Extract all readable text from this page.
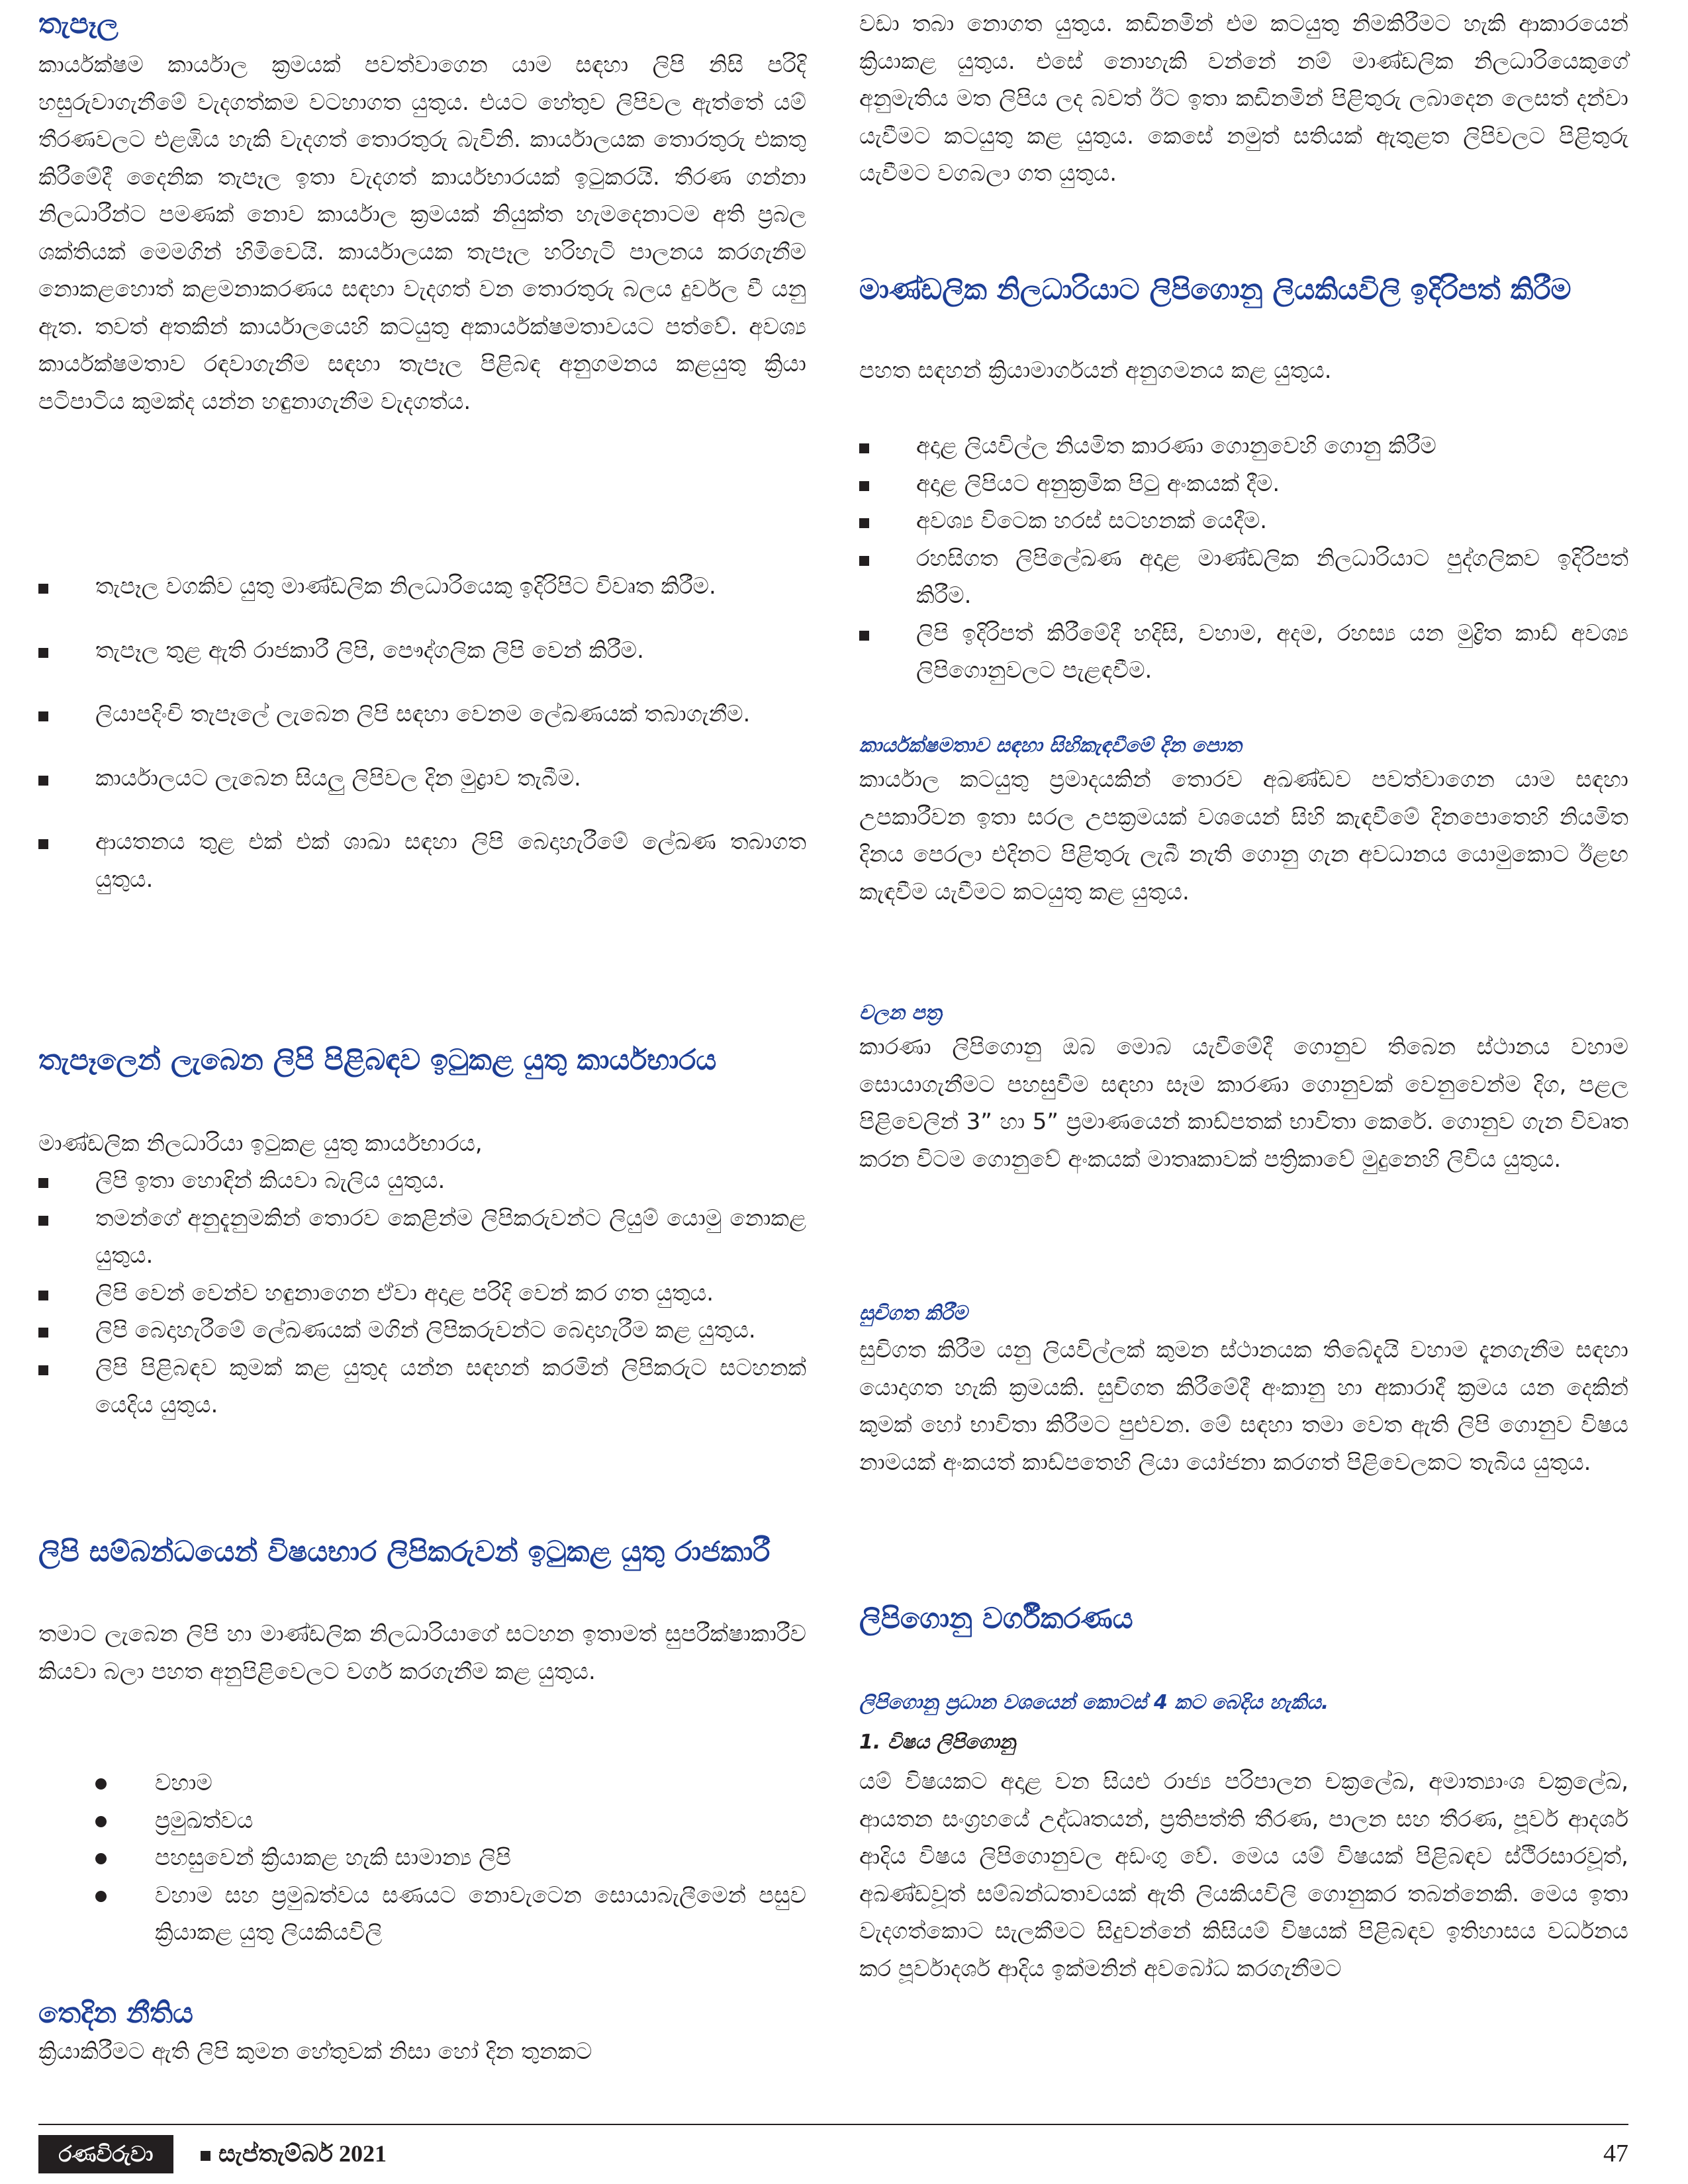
තැපෑල

කාර්යක්ෂම කාර්යාල ක්‍රමයක් පවත්වාගෙන යාම සඳහා ලිපි නිසි පරිදි හසුරුවාගැනීමේ වැදගත්කම වටහාගත යුතුය. එයට හේතුව ලිපිවල ඇත්තේ යම් තීරණවලට එළඹිය හැකි වැදගත් තොරතුරු බැවිනි. කාර්යාලයක තොරතුරු එකතු කිරීමේදී දෛනික තැපෑල ඉතා වැදගත් කාර්යභාරයක් ඉටුකරයි. තීරණ ගන්නා නිලධාරීන්ට පමණක් නොව කාර්යාල ක්‍රමයක් නියුක්ත හැමදෙනාටම අති ප්‍රබල ශක්තියක් මෙමගින් හිමිවෙයි. කාර්යාලයක තැපෑල හරිහැටි පාලනය කරගැනීම නොකළහොත් කළමනාකරණය සඳහා වැදගත් වන තොරතුරු බලය දුර්වල වී යනු ඇත. තවත් අතකින් කාර්යාලයෙහි කටයුතු අකාර්යක්ෂමතාවයට පත්වේ. අවශ්‍ය කාර්යක්ෂමතාව රඳවාගැනීම සඳහා තැපෑල පිළිබඳ අනුගමනය කළයුතු ක්‍රියා පටිපාටිය කුමක්ද යන්න හඳුනාගැනීම වැදගත්ය.

තැපෑල වගකිව යුතු මාණ්ඩලික නිලධාරියෙකු ඉදිරිපිට විවෘත කිරීම.
තැපෑල තුළ ඇති රාජකාරී ලිපි, පෞද්ගලික ලිපි වෙන් කිරීම.
ලියාපදිංචි තැපෑලේ ලැබෙන ලිපි සඳහා වෙනම ලේඛණයක් තබාගැනීම.
කාර්යාලයට ලැබෙන සියලු ලිපිවල දින මුද්‍රාව තැබීම.
ආයතනය තුළ එක් එක් ශාඛා සඳහා ලිපි බෙදාහැරීමේ ලේඛණ තබාගත යුතුය.
තැපෑලෙන් ලැබෙන ලිපි පිළිබඳව ඉටුකළ යුතු කාර්යභාරය

මාණ්ඩලික නිලධාරියා ඉටුකළ යුතු කාර්යභාරය,

ලිපි ඉතා හොඳින් කියවා බැලිය යුතුය.
තමන්ගේ අනුදැනුමකින් තොරව කෙළින්ම ලිපිකරුවන්ට ලියුම් යොමු නොකළ යුතුය.
ලිපි වෙන් වෙන්ව හඳුනාගෙන ඒවා අදාළ පරිදි වෙන් කර ගත යුතුය.
ලිපි බෙදාහැරීමේ ලේඛණයක් මගින් ලිපිකරුවන්ට බෙදාහැරීම කළ යුතුය.
ලිපි පිළිබඳව කුමක් කළ යුතුද යන්න සඳහන් කරමින් ලිපිකරුට සටහනක් යෙදිය යුතුය.
ලිපි සම්බන්ධයෙන් විෂයභාර ලිපිකරුවන් ඉටුකළ යුතු රාජකාරී

තමාට ලැබෙන ලිපි හා මාණ්ඩලික නිලධාරියාගේ සටහන ඉතාමත් සුපරීක්ෂාකාරීව කියවා බලා පහත අනුපිළිවෙලට වර්ග කරගැනීම කළ යුතුය.

වහාම
ප්‍රමුඛත්වය
පහසුවෙන් ක්‍රියාකළ හැකි සාමාන්‍ය ලිපි
වහාම සහ ප්‍රමුඛත්වය සණයට නොවැටෙන සොයාබැලීමෙන් පසුව ක්‍රියාකළ යුතු ලියකියවිලි
තෙදින නීතිය

ක්‍රියාකිරීමට ඇති ලිපි කුමන හේතුවක් නිසා හෝ දින තුනකට

වඩා තබා නොගත යුතුය. කඩිනමින් එම කටයුතු නිමකිරීමට හැකි ආකාරයෙන් ක්‍රියාකළ යුතුය. එසේ නොහැකි වන්නේ නම් මාණ්ඩලික නිලධාරියෙකුගේ අනුමැතිය මත ලිපිය ලද බවත් ඊට ඉතා කඩිනමින් පිළිතුරු ලබාදෙන ලෙසත් දන්වා යැවීමට කටයුතු කළ යුතුය. කෙසේ නමුත් සතියක් ඇතුළත ලිපිවලට පිළිතුරු යැවීමට වගබලා ගත යුතුය.

මාණ්ඩලික නිලධාරියාට ලිපිගොනු ලියකියවිලි ඉදිරිපත් කිරීම

පහත සඳහන් ක්‍රියාමාර්ගයන් අනුගමනය කළ යුතුය.

අදාළ ලියවිල්ල නියමිත කාරණා ගොනුවෙහි ගොනු කිරීම
අදාළ ලිපියට අනුක්‍රමික පිටු අංකයක් දීම.
අවශ්‍ය විටෙක හරස් සටහනක් යෙදීම.
රහසිගත ලිපිලේඛණ අදාළ මාණ්ඩලික නිලධාරියාට පුද්ගලිකව ඉදිරිපත් කිරීම.
ලිපි ඉදිරිපත් කිරීමේදී හදිසි, වහාම, අදම, රහස්‍ය යන මුද්‍රිත කාඩ් අවශ්‍ය ලිපිගොනුවලට පැළඳවීම.
කාර්යක්ෂමතාව සඳහා සිහිකැඳවීමේ දින පොත

කාර්යාල කටයුතු ප්‍රමාදයකින් තොරව අඛණ්ඩව පවත්වාගෙන යාම සඳහා උපකාරීවන ඉතා සරල උපක්‍රමයක් වශයෙන් සිහි කැඳවීමේ දිනපොතෙහි නියමිත දිනය පෙරලා එදිනට පිළිතුරු ලැබී නැති ගොනු ගැන අවධානය යොමුකොට ඊළඟ කැඳවීම යැවීමට කටයුතු කළ යුතුය.

චලන පත්‍ර

කාරණා ලිපිගොනු ඔබ මොබ යැවීමේදී ගොනුව තිබෙන ස්ථානය වහාම සොයාගැනීමට පහසුවීම සඳහා සෑම කාරණා ගොනුවක් වෙනුවෙන්ම දිග, පළල පිළිවෙලින් 3” හා 5” ප්‍රමාණයෙන් කාඩ්පතක් භාවිතා කෙරේ. ගොනුව ගැන විවෘත කරන විටම ගොනුවේ අංකයක් මාතෘකාවක් පත්‍රිකාවේ මුදුනෙහි ලිවිය යුතුය.

සුචිගත කිරීම

සුචිගත කිරීම යනු ලියවිල්ලක් කුමන ස්ථානයක තිබේදැයි වහාම දැනගැනීම සඳහා යොදාගත හැකි ක්‍රමයකි. සුචිගත කිරීමේදී අංකානු හා අකාරාදී ක්‍රමය යන දෙකින් කුමක් හෝ භාවිතා කිරීමට පුළුවන. මේ සඳහා තමා වෙත ඇති ලිපි ගොනුව විෂය නාමයක් අංකයත් කාඩ්පතෙහි ලියා යෝජනා කරගත් පිළිවෙලකට තැබිය යුතුය.

ලිපිගොනු වර්ගීකරණය
ලිපිගොනු ප්‍රධාන වශයෙන් කොටස් 4 කට බෙදිය හැකිය.
1. විෂය ලිපිගොනු

යම් විෂයකට අදාළ වන සියළු රාජ්‍ය පරිපාලන චක්‍රලේඛ, අමාත්‍යාංශ චක්‍රලේඛ, ආයතන සංග්‍රහයේ උද්ධෘතයන්, ප්‍රතිපත්ති තීරණ, පාලන සහ තීරණ, පූර්ව ආදර්ශ ආදිය විෂය ලිපිගොනුවල අඩංගු වේ. මෙය යම් විෂයක් පිළිබඳව ස්ථිරසාරවූත්, අඛණ්ඩවූත් සම්බන්ධතාවයක් ඇති ලියකියවිලි ගොනුකර තබන්නෙකි. මෙය ඉතා වැදගත්කොට සැලකීමට සිදුවන්නේ කිසියම් විෂයක් පිළිබඳව ඉතිහාසය වර්ධනය කර පූර්වාදර්ශ ආදිය ඉක්මනින් අවබෝධ කරගැනීමට

රණවිරුවා	සැප්තැම්බර් 2021	47
